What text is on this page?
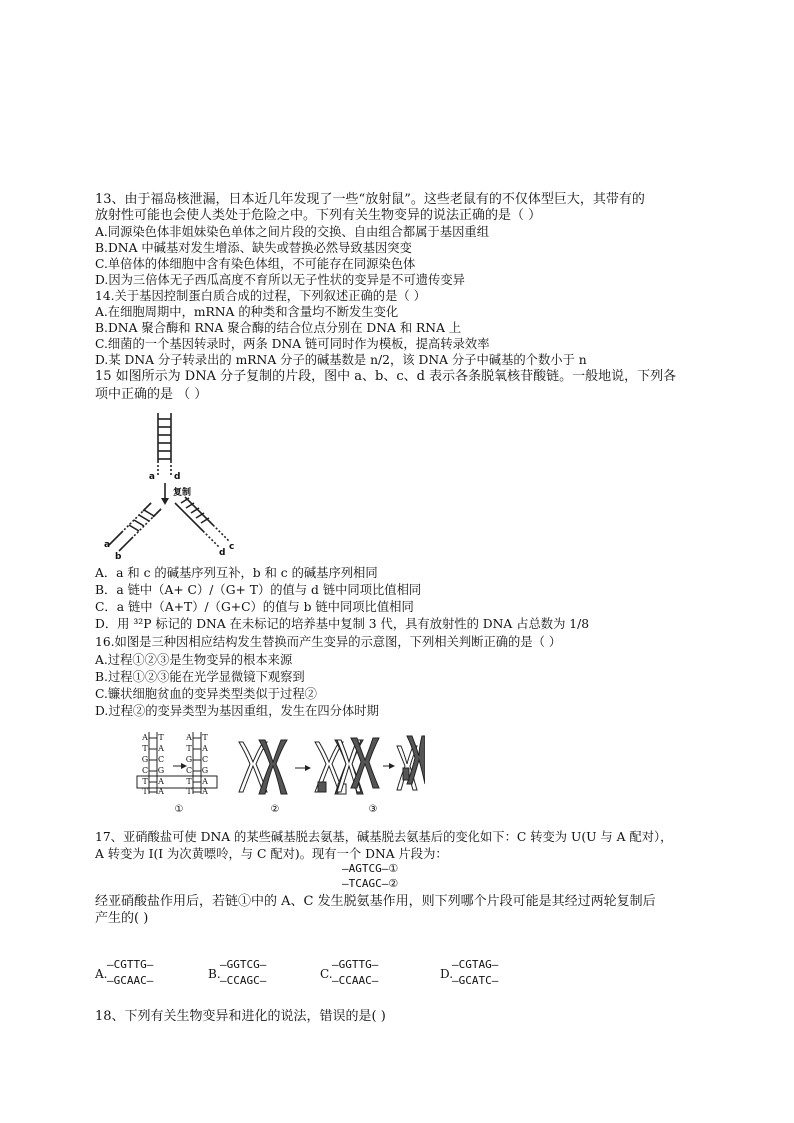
13、由于福岛核泄漏，日本近几年发现了一些“放射鼠”。这些老鼠有的不仅体型巨大，其带有的
放射性可能也会使人类处于危险之中。下列有关生物变异的说法正确的是（ ）
A.同源染色体非姐妹染色单体之间片段的交换、自由组合都属于基因重组
B.DNA 中碱基对发生增添、缺失或替换必然导致基因突变
C.单倍体的体细胞中含有染色体组，不可能存在同源染色体
D.因为三倍体无子西瓜高度不育所以无子性状的变异是不可遗传变异
14.关于基因控制蛋白质合成的过程，下列叙述正确的是（ ）
A.在细胞周期中，mRNA 的种类和含量均不断发生变化
B.DNA 聚合酶和 RNA 聚合酶的结合位点分别在 DNA 和 RNA 上
C.细菌的一个基因转录时，两条 DNA 链可同时作为模板，提高转录效率
D.某 DNA 分子转录出的 mRNA 分子的碱基数是 n/2，该 DNA 分子中碱基的个数小于 n
15 如图所示为 DNA 分子复制的片段，图中 a、b、c、d 表示各条脱氧核苷酸链。一般地说，下列各
项中正确的是 （ ）
a d
复制
a
b	d
c
A．a 和 c 的碱基序列互补，b 和 c 的碱基序列相同
B．a 链中（A+ C）/（G+ T）的值与 d 链中同项比值相同
C．a 链中（A+T）/（G+C）的值与 b 链中同项比值相同
D．用 ³²P 标记的 DNA 在未标记的培养基中复制 3 代，具有放射性的 DNA 占总数为 1/8
16.如图是三种因相应结构发生替换而产生变异的示意图，下列相关判断正确的是（ ）
A.过程①②③是生物变异的根本来源
B.过程①②③能在光学显微镜下观察到
C.镰状细胞贫血的变异类型类似于过程②
D.过程②的变异类型为基因重组，发生在四分体时期
A
T
G
C
T
T
T
A
C
G
A
A
A
T
G
C
T
T
T
A
C
G
A
A
①	②	③
17、亚硝酸盐可使 DNA 的某些碱基脱去氨基，碱基脱去氨基后的变化如下：C 转变为 U(U 与 A 配对），
A 转变为 I(I 为次黄嘌呤，与 C 配对)。现有一个 DNA 片段为：
—AGTCG—①
—TCAGC—②
经亚硝酸盐作用后，若链①中的 A、C 发生脱氨基作用，则下列哪个片段可能是其经过两轮复制后
产生的( )
A.
—CGTTG—
—GCAAC—	B.
—GGTCG—
—CCAGC—	C.
—GGTTG—
—CCAAC—	D.
—CGTAG—
—GCATC—
18、下列有关生物变异和进化的说法，错误的是( )
